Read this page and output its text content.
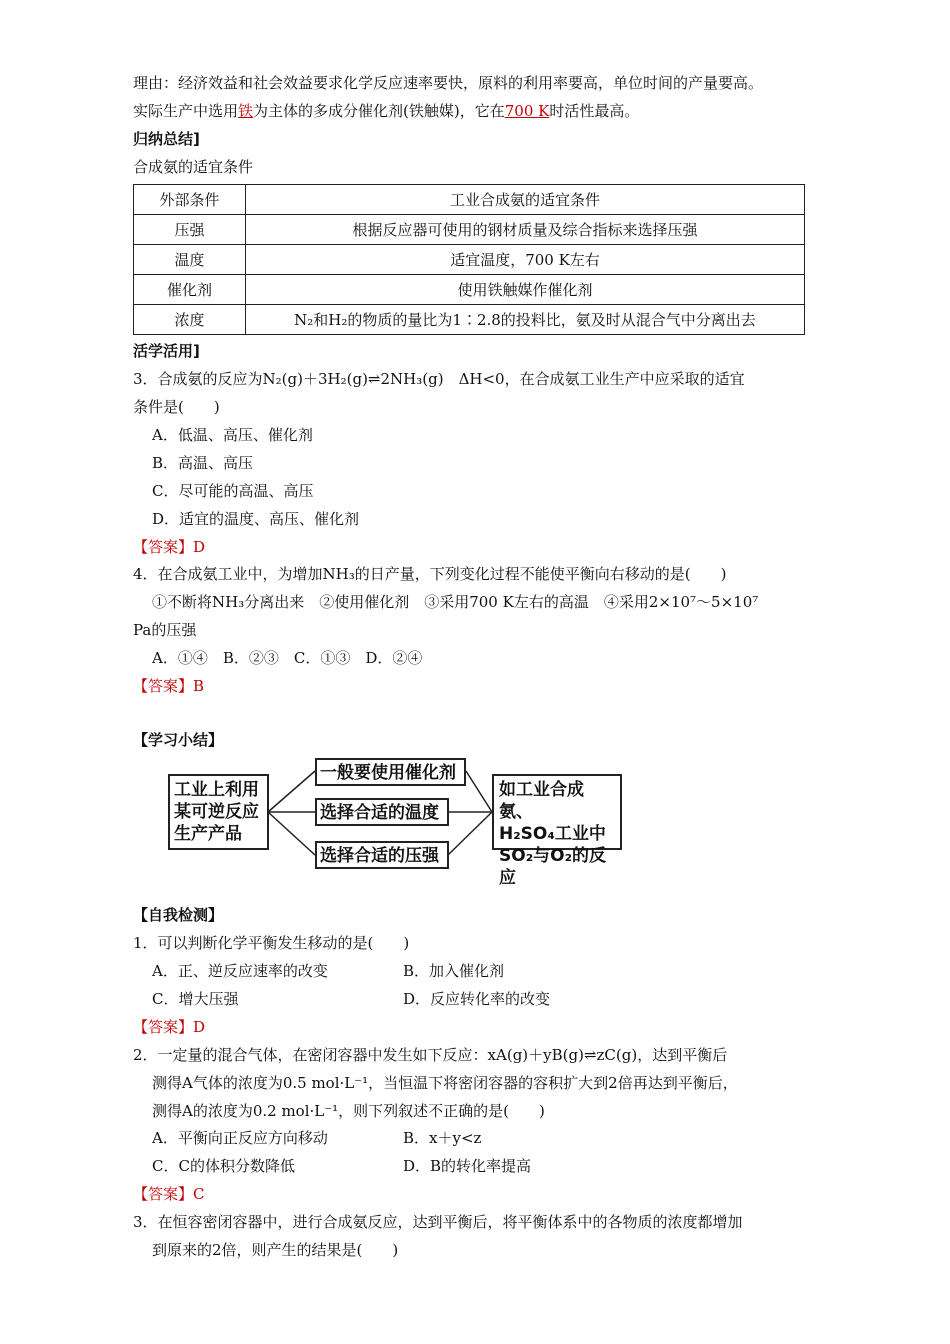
理由：经济效益和社会效益要求化学反应速率要快，原料的利用率要高，单位时间的产量要高。
实际生产中选用铁为主体的多成分催化剂(铁触媒)，它在700 K时活性最高。
归纳总结]
合成氨的适宜条件
外部条件	工业合成氨的适宜条件
压强	根据反应器可使用的钢材质量及综合指标来选择压强
温度	适宜温度，700 K左右
催化剂	使用铁触媒作催化剂
浓度	N₂和H₂的物质的量比为1∶2.8的投料比，氨及时从混合气中分离出去
活学活用]
3．合成氨的反应为N₂(g)＋3H₂(g)⇌2NH₃(g)　ΔH<0，在合成氨工业生产中应采取的适宜
条件是(　　)
A．低温、高压、催化剂
B．高温、高压
C．尽可能的高温、高压
D．适宜的温度、高压、催化剂
【答案】D
4．在合成氨工业中，为增加NH₃的日产量，下列变化过程不能使平衡向右移动的是(　　)
①不断将NH₃分离出来　②使用催化剂　③采用700 K左右的高温　④采用2×10⁷～5×10⁷
Pa的压强
A．①④　B．②③　C．①③　D．②④
【答案】B
【学习小结】
工业上利用
某可逆反应
生产产品
一般要使用催化剂
选择合适的温度
选择合适的压强
如工业合成氨、
H₂SO₄工业中
SO₂与O₂的反应
【自我检测】
1．可以判断化学平衡发生移动的是(　　)
A．正、逆反应速率的改变	B．加入催化剂
C．增大压强	D．反应转化率的改变
【答案】D
2．一定量的混合气体，在密闭容器中发生如下反应：xA(g)＋yB(g)⇌zC(g)，达到平衡后
测得A气体的浓度为0.5 mol·L⁻¹，当恒温下将密闭容器的容积扩大到2倍再达到平衡后，
测得A的浓度为0.2 mol·L⁻¹，则下列叙述不正确的是(　　)
A．平衡向正反应方向移动	B．x＋y<z
C．C的体积分数降低	D．B的转化率提高
【答案】C
3．在恒容密闭容器中，进行合成氨反应，达到平衡后，将平衡体系中的各物质的浓度都增加
到原来的2倍，则产生的结果是(　　)
